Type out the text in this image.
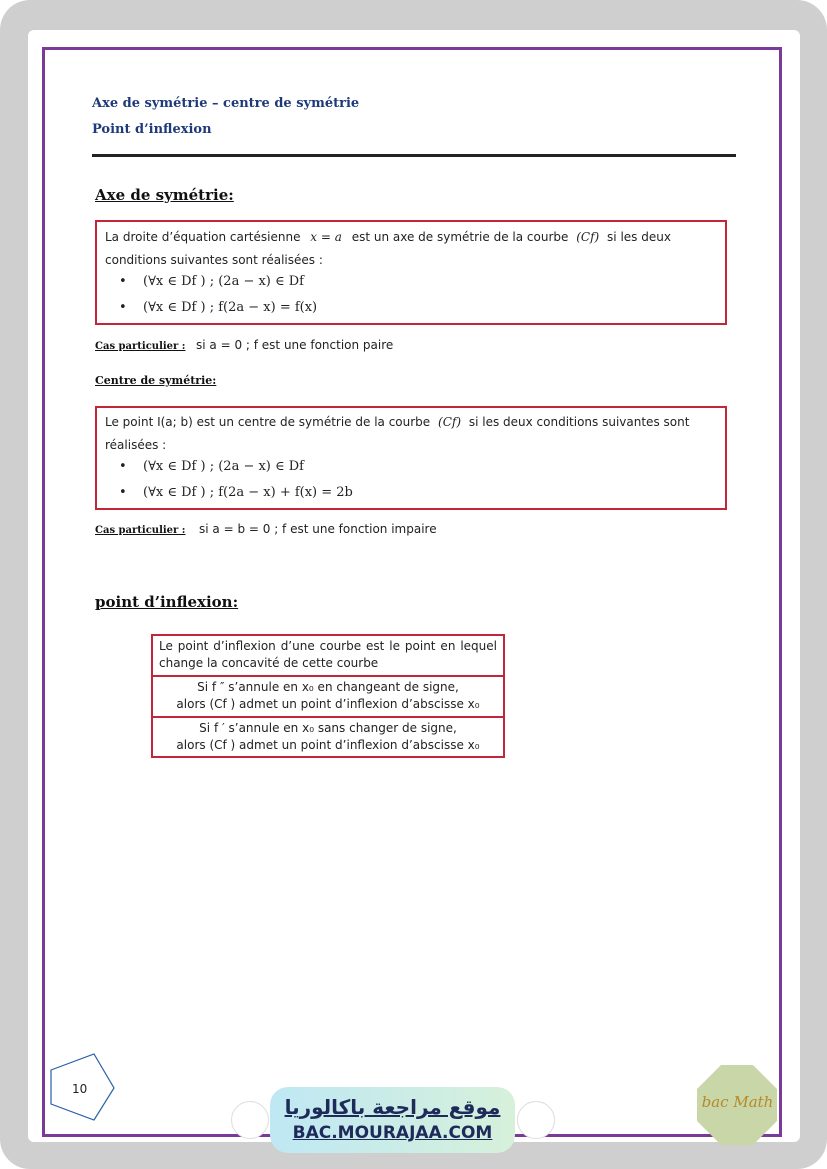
Axe de symétrie – centre de symétrie
Point d’inflexion
Axe de symétrie:
La droite d’équation cartésienne x = a est un axe de symétrie de la courbe (Cf) si les deux
conditions suivantes sont réalisées :
• (∀x ∈ Df ) ; (2a − x) ∈ Df
• (∀x ∈ Df ) ; f(2a − x) = f(x)
Cas particulier : si a = 0 ; f est une fonction paire
Centre de symétrie:
Le point I(a; b) est un centre de symétrie de la courbe (Cf) si les deux conditions suivantes sont
réalisées :
• (∀x ∈ Df ) ; (2a − x) ∈ Df
• (∀x ∈ Df ) ; f(2a − x) + f(x) = 2b
Cas particulier : si a = b = 0 ; f est une fonction impaire
point d’inflexion:
Le point d’inflexion d’une courbe est le point en lequel change la concavité de cette courbe

Si f ″ s’annule en x₀ en changeant de signe,
alors (Cf ) admet un point d’inflexion d’abscisse x₀

Si f ′ s’annule en x₀ sans changer de signe,
alors (Cf ) admet un point d’inflexion d’abscisse x₀
10
موقع مراجعة باكالوريا
BAC.MOURAJAA.COM
bac Math
